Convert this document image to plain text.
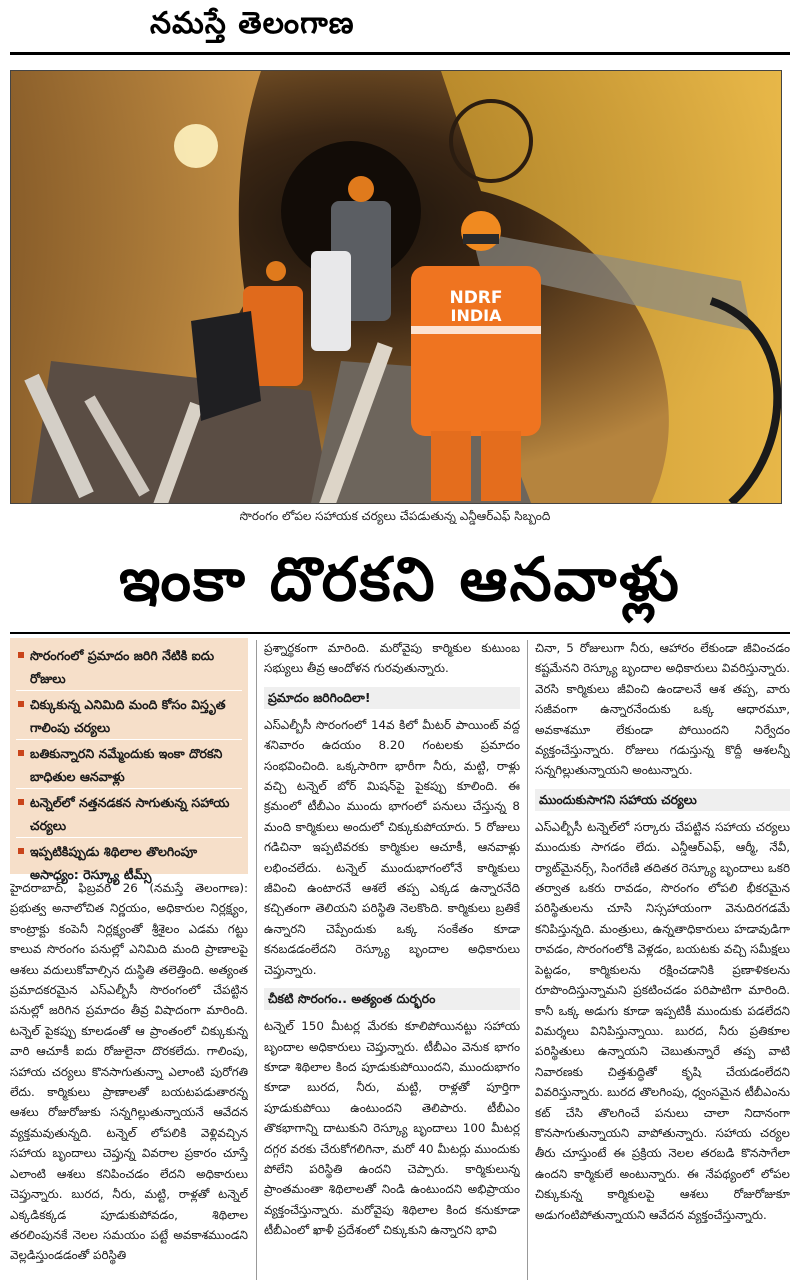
నమస్తే తెలంగాణ
NDRF
INDIA
సొరంగం లోపల సహాయక చర్యలు చేపడుతున్న ఎన్డీఆర్ఎఫ్ సిబ్బంది
ఇంకా దొరకని ఆనవాళ్లు
సొరంగంలో ప్రమాదం జరిగి నేటికి ఐదు రోజులు
చిక్కుకున్న ఎనిమిది మంది కోసం విస్తృత గాలింపు చర్యలు
బతికున్నారని నమ్మేందుకు ఇంకా దొరకని బాధితుల ఆనవాళ్లు
టన్నెల్‌లో నత్తనడకన సాగుతున్న సహాయ చర్యలు
ఇప్పటికిప్పుడు శిథిలాల తొలగింపూ అసాధ్యం: రెస్క్యూ టీమ్స్

హైదరాబాద్, ఫిబ్రవరి 26 (నమస్తే తెలంగాణ): ప్రభుత్వ అనాలోచిత నిర్ణయం, అధికారుల నిర్లక్ష్యం, కాంట్రాక్టు కంపెనీ నిర్లక్ష్యంతో శ్రీశైలం ఎడమ గట్టు కాలువ సొరంగం పనుల్లో ఎనిమిది మంది ప్రాణాలపై ఆశలు వదులుకోవాల్సిన దుస్థితి తలెత్తింది. అత్యంత ప్రమాదకరమైన ఎస్ఎల్బీసీ సొరంగంలో చేపట్టిన పనుల్లో జరిగిన ప్రమాదం తీవ్ర విషాదంగా మారింది. టన్నెల్ పైకప్పు కూలడంతో ఆ ప్రాంతంలో చిక్కుకున్న వారి ఆచూకీ ఐదు రోజులైనా దొరకలేదు. గాలింపు, సహాయ చర్యలు కొనసాగుతున్నా ఎలాంటి పురోగతి లేదు. కార్మికులు ప్రాణాలతో బయటపడుతారన్న ఆశలు రోజురోజుకు సన్నగిల్లుతున్నాయనే ఆవేదన వ్యక్తమవుతున్నది. టన్నెల్ లోపలికి వెళ్లివచ్చిన సహాయ బృందాలు చెప్తున్న వివరాల ప్రకారం చూస్తే ఎలాంటి ఆశలు కనిపించడం లేదని అధికారులు చెప్తున్నారు. బురద, నీరు, మట్టి, రాళ్లతో టన్నెల్ ఎక్కడికక్కడ పూడుకుపోవడం, శిథిలాల తరలింపునకే నెలల సమయం పట్టే అవకాశముండని వెల్లడిస్తుండడంతో పరిస్థితి

ప్రశ్నార్థకంగా మారింది. మరోవైపు కార్మికుల కుటుంబ సభ్యులు తీవ్ర ఆందోళన గురవుతున్నారు.

ప్రమాదం జరిగిందిలా!

ఎస్ఎల్బీసీ సొరంగంలో 14వ కిలో మీటర్ పాయింట్ వద్ద శనివారం ఉదయం 8.20 గంటలకు ప్రమాదం సంభవించింది. ఒక్కసారిగా భారీగా నీరు, మట్టి, రాళ్లు వచ్చి టన్నెల్ బోర్ మిషన్‌పై పైకప్పు కూలింది. ఈ క్రమంలో టీబీఎం ముందు భాగంలో పనులు చేస్తున్న 8 మంది కార్మికులు అందులో చిక్కుకుపోయారు. 5 రోజులు గడిచినా ఇప్పటివరకు కార్మికుల ఆచూకీ, ఆనవాళ్లు లభించలేదు. టన్నెల్ ముందుభాగంలోనే కార్మికులు జీవించి ఉంటారనే ఆశలే తప్ప ఎక్కడ ఉన్నారనేది కచ్చితంగా తెలియని పరిస్థితి నెలకొంది. కార్మికులు బ్రతికే ఉన్నారని చెప్పేందుకు ఒక్క సంకేతం కూడా కనబడడంలేదని రెస్క్యూ బృందాల అధికారులు చెప్తున్నారు.

చీకటి సొరంగం.. అత్యంత దుర్భరం

టన్నెల్ 150 మీటర్ల మేరకు కూలిపోయినట్టు సహాయ బృందాల అధికారులు చెప్తున్నారు. టీబీఎం వెనుక భాగం కూడా శిథిలాల కింద పూడుకుపోయిందని, ముందుభాగం కూడా బురద, నీరు, మట్టి, రాళ్లతో పూర్తిగా పూడుకుపోయి ఉంటుందని తెలిపారు. టీబీఎం తొకభాగాన్ని దాటుకుని రెస్క్యూ బృందాలు 100 మీటర్ల దగ్గర వరకు చేరుకోగలిగినా, మరో 40 మీటర్లు ముందుకు పోలేని పరిస్థితి ఉందని చెప్పారు. కార్మికులున్న ప్రాంతమంతా శిథిలాలతో నిండి ఉంటుందని అభిప్రాయం వ్యక్తంచేస్తున్నారు. మరోవైపు శిథిలాల కింద కనుకూడా టీబీఎంలో ఖాళీ ప్రదేశంలో చిక్కుకుని ఉన్నారని భావి

చినా, 5 రోజులుగా నీరు, ఆహారం లేకుండా జీవించడం కష్టమేనని రెస్క్యూ బృందాల అధికారులు వివరిస్తున్నారు. వెరసి కార్మికులు జీవించి ఉండాలనే ఆశ తప్ప, వారు సజీవంగా ఉన్నారనేందుకు ఒక్క ఆధారమూ, అవకాశమూ లేకుండా పోయిందని నిర్వేదం వ్యక్తంచేస్తున్నారు. రోజులు గడుస్తున్న కొద్దీ ఆశలన్నీ సన్నగిల్లుతున్నాయని అంటున్నారు.

ముందుకుసాగని సహాయ చర్యలు

ఎస్ఎల్బీసీ టన్నెల్‌లో సర్కారు చేపట్టిన సహాయ చర్యలు ముందుకు సాగడం లేదు. ఎన్డీఆర్ఎఫ్, ఆర్మీ, నేవీ, ర్యాట్‌మైనర్స్, సింగరేణి తదితర రెస్క్యూ బృందాలు ఒకరి తర్వాత ఒకరు రావడం, సొరంగం లోపలి భీకరమైన పరిస్థితులను చూసి నిస్సహాయంగా వెనుదిరగడమే కనిపిస్తున్నది. మంత్రులు, ఉన్నతాధికారులు హడావుడిగా రావడం, సొరంగంలోకి వెళ్లడం, బయటకు వచ్చి సమీక్షలు పెట్టడం, కార్మికులను రక్షించడానికి ప్రణాళికలను రూపొందిస్తున్నామని ప్రకటించడం పరిపాటిగా మారింది. కానీ ఒక్క అడుగు కూడా ఇప్పటికీ ముందుకు పడలేదని విమర్శలు వినిపిస్తున్నాయి. బురద, నీరు ప్రతికూల పరిస్థితులు ఉన్నాయని చెబుతున్నారే తప్ప వాటి నివారణకు చిత్తశుద్ధితో కృషి చేయడంలేదని వివరిస్తున్నారు. బురద తొలగింపు, ధ్వంసమైన టీబీఎంను కట్ చేసి తొలగించే పనులు చాలా నిదానంగా కొనసాగుతున్నాయని వాపోతున్నారు. సహాయ చర్యల తీరు చూస్తుంటే ఈ ప్రక్రియ నెలల తరబడి కొనసాగేలా ఉందని కార్మికులే అంటున్నారు. ఈ నేపథ్యంలో లోపల చిక్కుకున్న కార్మికులపై ఆశలు రోజురోజుకూ అడుగంటిపోతున్నాయని ఆవేదన వ్యక్తంచేస్తున్నారు.
